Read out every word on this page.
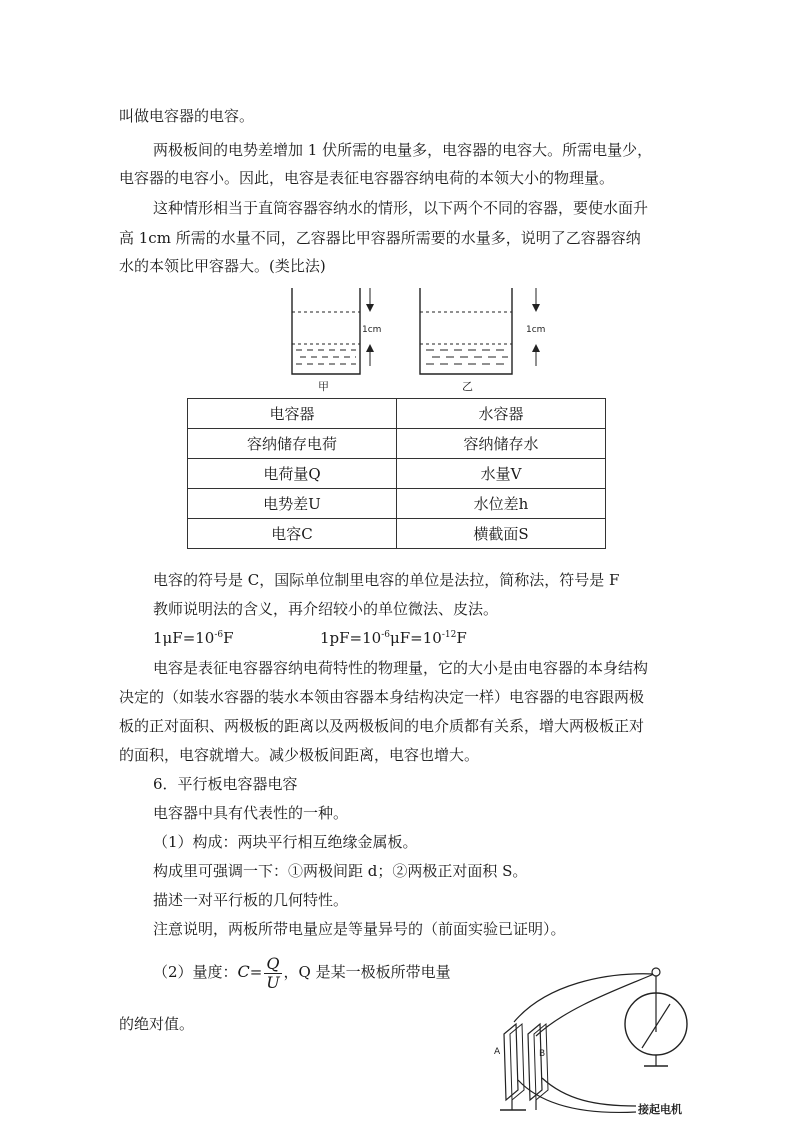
叫做电容器的电容。
两极板间的电势差增加 1 伏所需的电量多，电容器的电容大。所需电量少，
电容器的电容小。因此，电容是表征电容器容纳电荷的本领大小的物理量。
这种情形相当于直筒容器容纳水的情形，以下两个不同的容器，要使水面升
高 1cm 所需的水量不同，乙容器比甲容器所需要的水量多，说明了乙容器容纳
水的本领比甲容器大。(类比法)
1cm
甲
1cm
乙
电容器	水容器
容纳储存电荷	容纳储存水
电荷量Q	水量V
电势差U	水位差h
电容C	横截面S
电容的符号是 C，国际单位制里电容的单位是法拉，简称法，符号是 F
教师说明法的含义，再介绍较小的单位微法、皮法。
$1\mu F=10^{-6}F$	$1pF=10^{-6}\mu F=10^{-12}F$
电容是表征电容器容纳电荷特性的物理量，它的大小是由电容器的本身结构
决定的（如装水容器的装水本领由容器本身结构决定一样）电容器的电容跟两极
板的正对面积、两极板的距离以及两极板间的电介质都有关系，增大两极板正对
的面积，电容就增大。减少极板间距离，电容也增大。
6．平行板电容器电容
电容器中具有代表性的一种。
（1）构成：两块平行相互绝缘金属板。
构成里可强调一下：①两极间距 d；②两极正对面积 S。
描述一对平行板的几何特性。
注意说明，两板所带电量应是等量异号的（前面实验已证明）。
（2）量度：$C= \frac{Q}{U}$ ，Q 是某一极板所带电量
的绝对值。
A	B
接起电机
